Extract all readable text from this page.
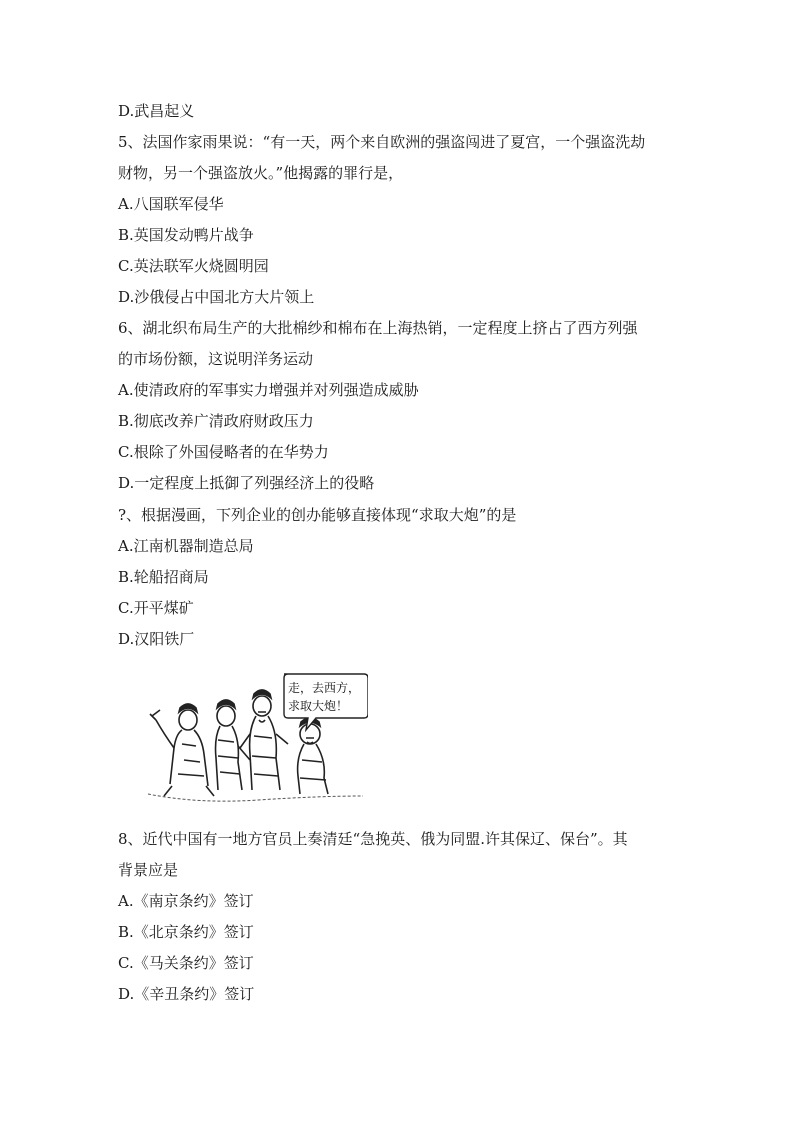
D.武昌起义
5、法国作家雨果说：“有一天，两个来自欧洲的强盗闯进了夏宫，一个强盗洗劫
财物，另一个强盗放火。”他揭露的罪行是，
A.八国联军侵华
B.英国发动鸭片战争
C.英法联军火烧圆明园
D.沙俄侵占中国北方大片领上
6、湖北织布局生产的大批棉纱和棉布在上海热销，一定程度上挤占了西方列强
的市场份额，这说明洋务运动
A.使清政府的军事实力增强并对列强造成威胁
B.彻底改养广清政府财政压力
C.根除了外国侵略者的在华势力
D.一定程度上抵御了列强经济上的役略
?、根据漫画，下列企业的创办能够直接体现“求取大炮”的是
A.江南机器制造总局
B.轮船招商局
C.开平煤矿
D.汉阳铁厂
走，去西方，
求取大炮！
8、近代中国有一地方官员上奏清廷“急挽英、俄为同盟.许其保辽、保台”。其
背景应是
A.《南京条约》签订
B.《北京条约》签订
C.《马关条约》签订
D.《辛丑条约》签订
